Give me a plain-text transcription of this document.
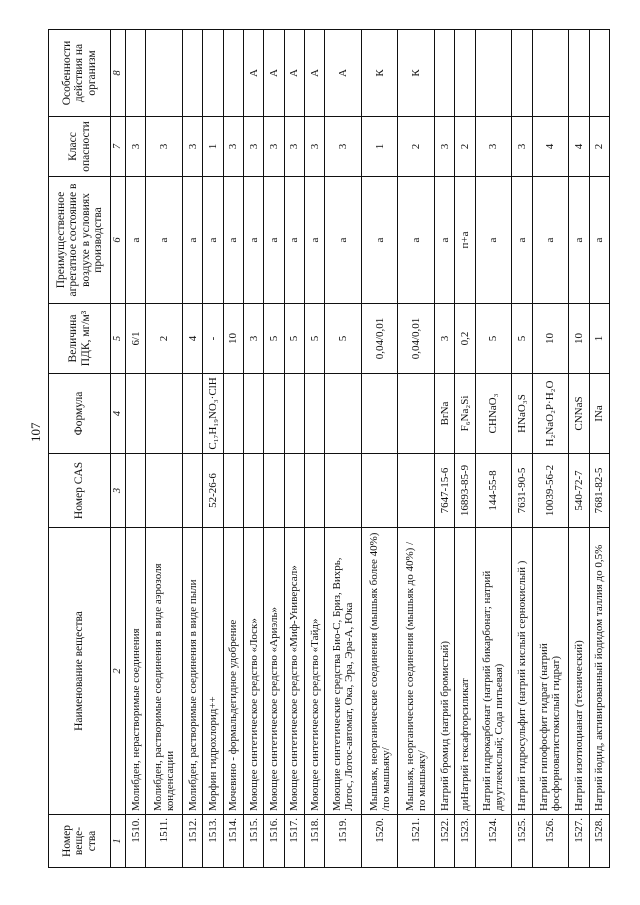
107
Номер веще- ства	Наименование вещества	Номер CAS	Формула	Величина ПДК, мг/м³	Преимущественное агрегатное состояние в воздухе в условиях производства	Класс опасности	Особенности действия на организм
1	2	3	4	5	6	7	8
1510.	Молибден, нерастворимые соединения			6/1	а	3	
1511.	Молибден, растворимые соединения в виде аэрозоля конденсации			2	а	3	
1512.	Молибден, растворимые соединения в виде пыли			4	а	3	
1513.	Морфин гидрохлорид++	52-26-6	C₁₇H₁₉NO₃·ClH	-	а	1	
1514.	Мочевино - формальдегидное удобрение			10	а	3	
1515.	Моющее синтетическое средство «Лоск»			3	а	3	А
1516.	Моющее синтетическое средство «Ариэль»			5	а	3	А
1517.	Моющее синтетическое средство «Миф-Универсал»			5	а	3	А
1518.	Моющее синтетическое средство «Тайд»			5	а	3	А
1519.	Моющие синтетические средства Био-С, Бриз, Вихрь, Лотос, Лотос-автомат, Ока, Эра, Эра-А, Юка			5	а	3	А
1520.	Мышьяк, неорганические соединения (мышьяк более 40%) /по мышьяку/			0,04/0,01	а	1	К
1521.	Мышьяк, неорганические соединения (мышьяк до 40%) /по мышьяку/			0,04/0,01	а	2	К
1522.	Натрий бромид (натрий бромистый)	7647-15-6	BrNa	3	а	3	
1523.	диНатрий гексафторсиликат	16893-85-9	F₆Na₂Si	0,2	п+а	2	
1524.	Натрий гидрокарбонат (натрий бикарбонат; натрий двууглекислый; Сода питьевая)	144-55-8	CHNaO₃	5	а	3	
1525.	Натрий гидросульфит (натрий кислый сернокислый )	7631-90-5	HNaO₃S	5	а	3	
1526.	Натрий гипофосфит гидрат (натрий фосфорноватистокислый гидрат)	10039-56-2	H₂NaO₂P·H₂O	10	а	4	
1527.	Натрий изотиоцианат (технический)	540-72-7	CNNaS	10	а	4	
1528.	Натрий йодид, активированный йодидом таллия до 0,5%	7681-82-5	INa	1	а	2	
